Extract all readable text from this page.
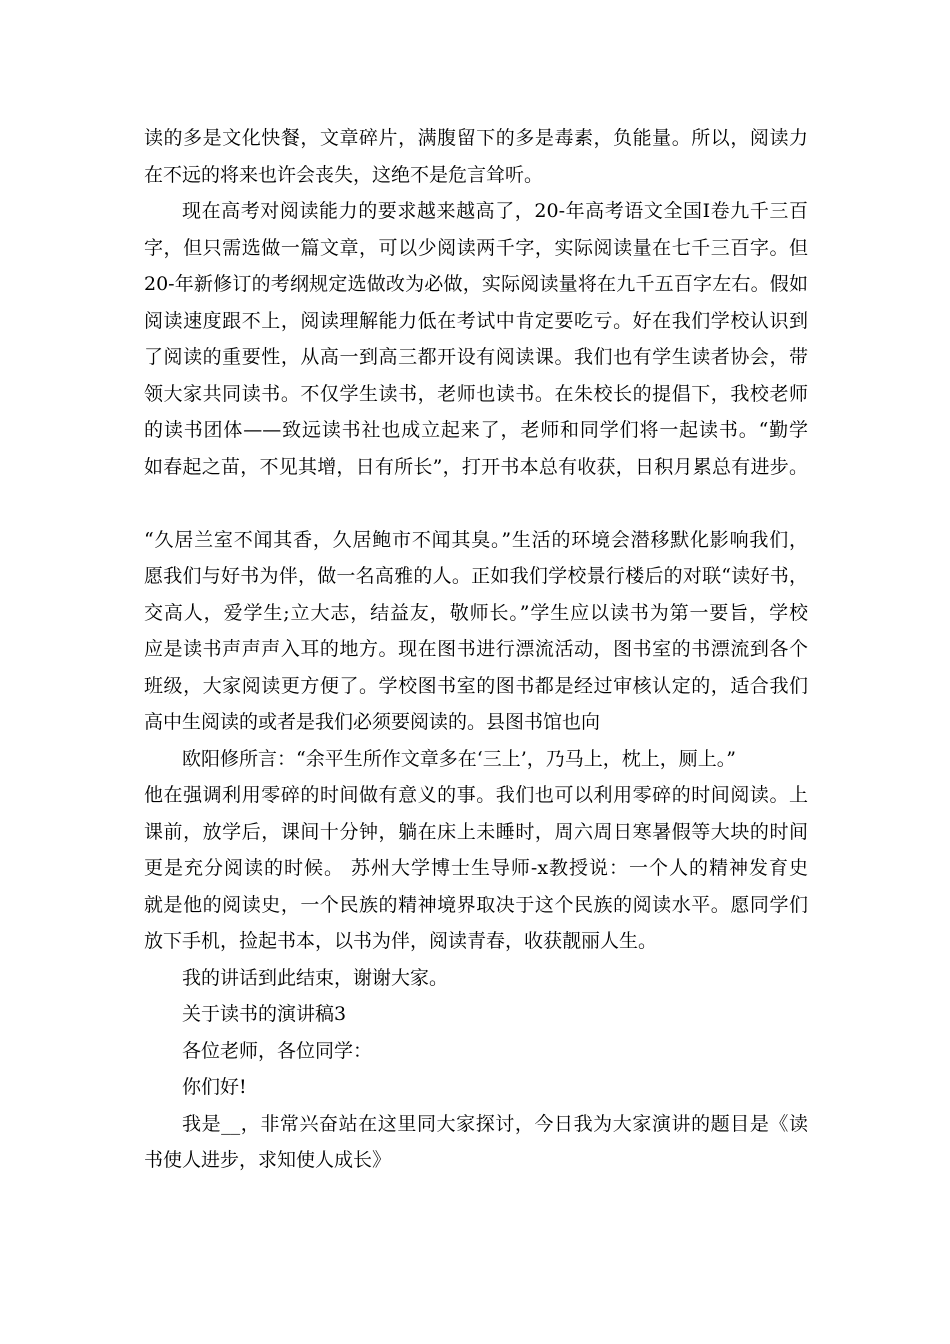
读的多是文化快餐，文章碎片，满腹留下的多是毒素，负能量。所以，阅读力
在不远的将来也许会丧失，这绝不是危言耸听。
现在高考对阅读能力的要求越来越高了，20-年高考语文全国Ⅰ卷九千三百
字，但只需选做一篇文章，可以少阅读两千字，实际阅读量在七千三百字。但
20-年新修订的考纲规定选做改为必做，实际阅读量将在九千五百字左右。假如
阅读速度跟不上，阅读理解能力低在考试中肯定要吃亏。好在我们学校认识到
了阅读的重要性，从高一到高三都开设有阅读课。我们也有学生读者协会，带
领大家共同读书。不仅学生读书，老师也读书。在朱校长的提倡下，我校老师
的读书团体——致远读书社也成立起来了，老师和同学们将一起读书。“勤学
如春起之苗，不见其增，日有所长”，打开书本总有收获，日积月累总有进步。
“久居兰室不闻其香，久居鲍市不闻其臭。”生活的环境会潜移默化影响我们，
愿我们与好书为伴，做一名高雅的人。正如我们学校景行楼后的对联“读好书，
交高人，爱学生;立大志，结益友，敬师长。”学生应以读书为第一要旨，学校
应是读书声声声入耳的地方。现在图书进行漂流活动，图书室的书漂流到各个
班级，大家阅读更方便了。学校图书室的图书都是经过审核认定的，适合我们
高中生阅读的或者是我们必须要阅读的。县图书馆也向
欧阳修所言：“余平生所作文章多在‘三上’，乃马上，枕上，厕上。”
他在强调利用零碎的时间做有意义的事。我们也可以利用零碎的时间阅读。上
课前，放学后，课间十分钟，躺在床上未睡时，周六周日寒暑假等大块的时间
更是充分阅读的时候。 苏州大学博士生导师-x教授说：一个人的精神发育史
就是他的阅读史，一个民族的精神境界取决于这个民族的阅读水平。愿同学们
放下手机，捡起书本，以书为伴，阅读青春，收获靓丽人生。
我的讲话到此结束，谢谢大家。
关于读书的演讲稿3
各位老师，各位同学：
你们好!
我是__，非常兴奋站在这里同大家探讨，今日我为大家演讲的题目是《读
书使人进步，求知使人成长》
